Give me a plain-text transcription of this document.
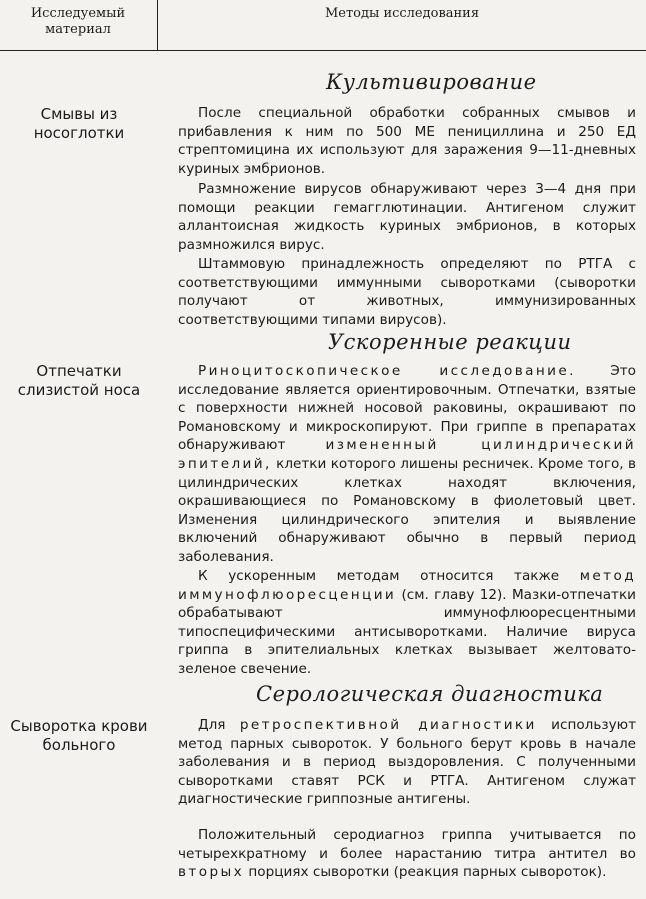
Исследуемый материал
Методы исследования
Культивирование
Смывы из носоглотки

После специальной обработки собранных смывов и прибавления к ним по 500 МЕ пенициллина и 250 ЕД стрептомицина их используют для заражения 9—11-дневных куриных эмбрионов.

Размножение вирусов обнаруживают через 3—4 дня при помощи реакции гемагглютинации. Антигеном служит аллантоисная жидкость куриных эмбрионов, в которых размножился вирус.

Штаммовую принадлежность определяют по РТГА с соответствующими иммунными сыворотками (сыворотки получают от животных, иммунизированных соответствующими типами вирусов).

Ускоренные реакции
Отпечатки слизистой носа

Риноцитоскопическое исследование. Это исследование является ориентировочным. Отпечатки, взятые с поверхности нижней носовой раковины, окрашивают по Романовскому и микроскопируют. При гриппе в препаратах обнаруживают измененный цилиндрический эпителий, клетки которого лишены ресничек. Кроме того, в цилиндрических клетках находят включения, окрашивающиеся по Романовскому в фиолетовый цвет. Изменения цилиндрического эпителия и выявление включений обнаруживают обычно в первый период заболевания.

К ускоренным методам относится также метод иммунофлюоресценции (см. главу 12). Мазки-отпечатки обрабатывают иммунофлюоресцентными типоспецифическими антисыворотками. Наличие вируса гриппа в эпителиальных клетках вызывает желтовато-зеленое свечение.

Серологическая диагностика
Сыворотка крови больного

Для ретроспективной диагностики используют метод парных сывороток. У больного берут кровь в начале заболевания и в период выздоровления. С полученными сыворотками ставят РСК и РТГА. Антигеном служат диагностические гриппозные антигены.

Положительный серодиагноз гриппа учитывается по четырехкратному и более нарастанию титра антител во вторых порциях сыворотки (реакция парных сывороток).
